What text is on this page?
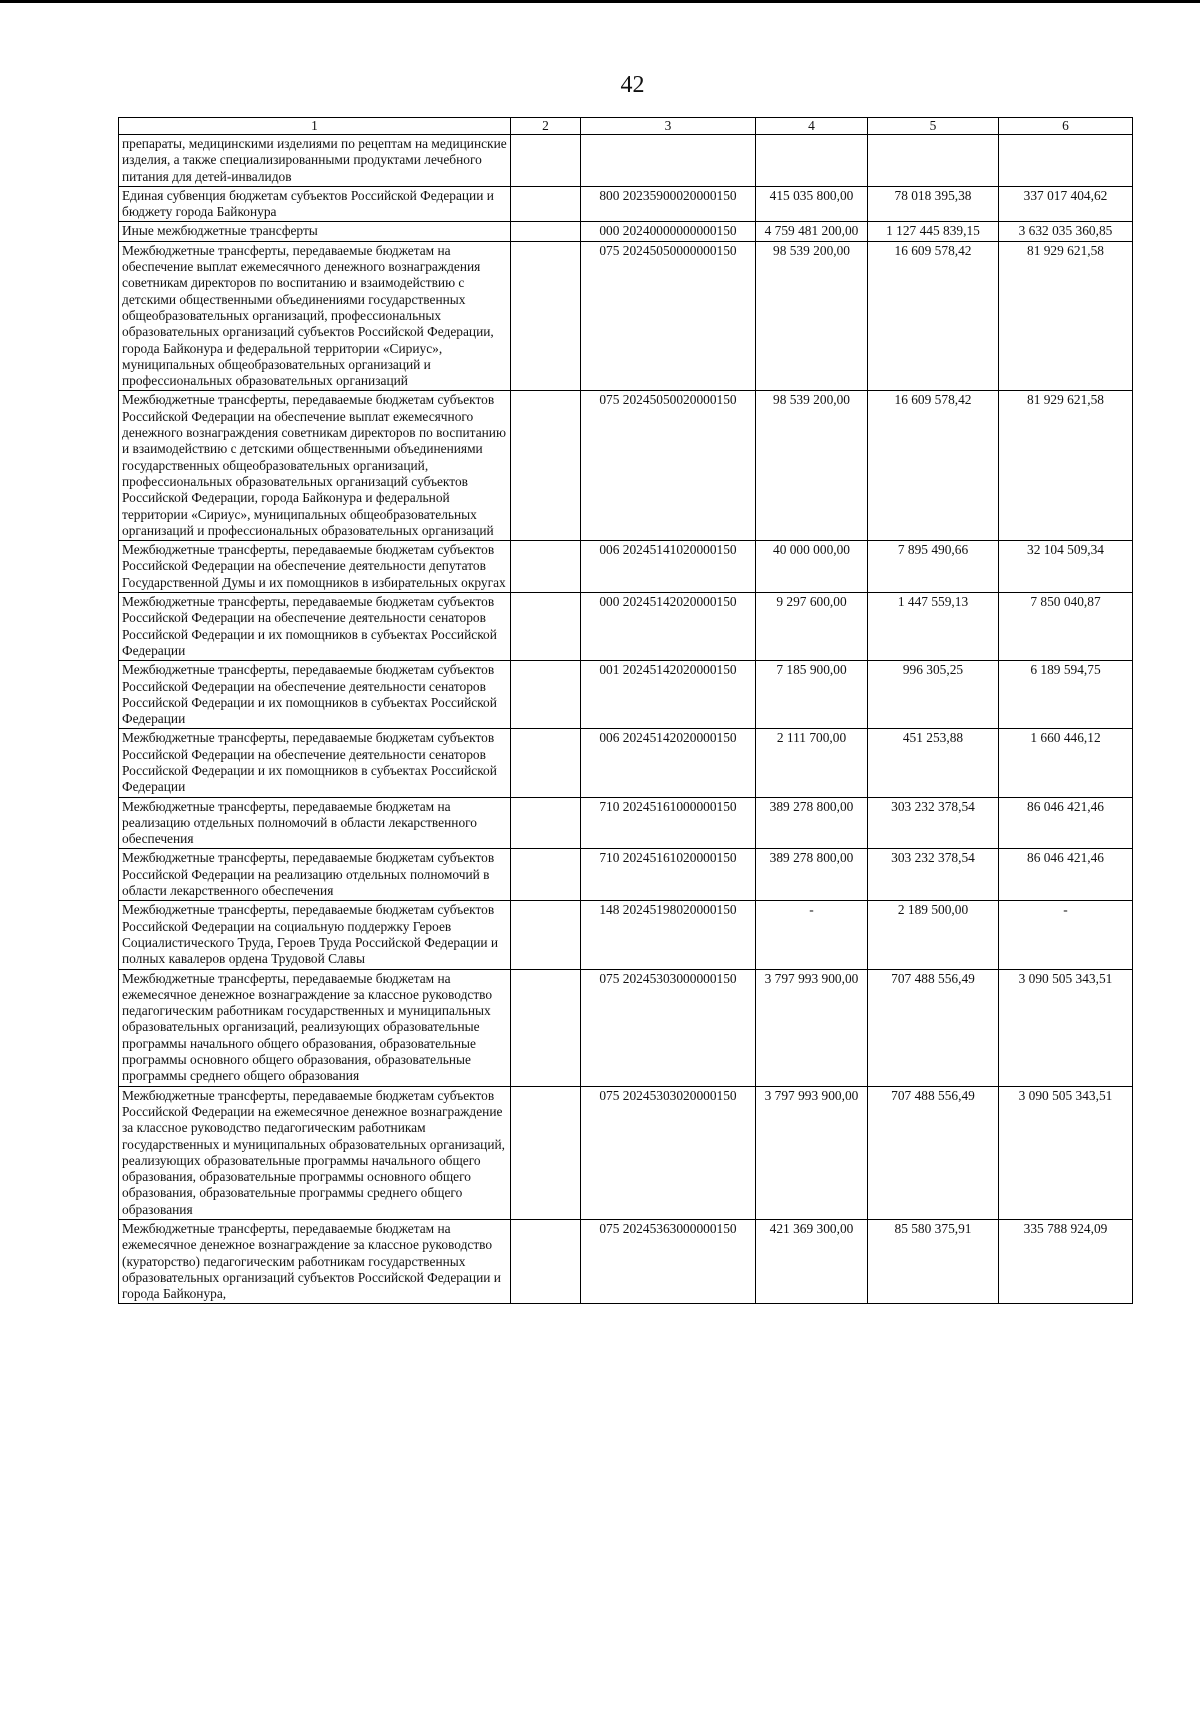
42
1	2	3	4	5	6
препараты, медицинскими изделиями по рецептам на медицинские изделия, а также специализированными продуктами лечебного питания для детей-инвалидов					
Единая субвенция бюджетам субъектов Российской Федерации и бюджету города Байконура		800 20235900020000150	415 035 800,00	78 018 395,38	337 017 404,62
Иные межбюджетные трансферты		000 20240000000000150	4 759 481 200,00	1 127 445 839,15	3 632 035 360,85
Межбюджетные трансферты, передаваемые бюджетам на обеспечение выплат ежемесячного денежного вознаграждения советникам директоров по воспитанию и взаимодействию с детскими общественными объединениями государственных общеобразовательных организаций, профессиональных образовательных организаций субъектов Российской Федерации, города Байконура и федеральной территории «Сириус», муниципальных общеобразовательных организаций и профессиональных образовательных организаций		075 20245050000000150	98 539 200,00	16 609 578,42	81 929 621,58
Межбюджетные трансферты, передаваемые бюджетам субъектов Российской Федерации на обеспечение выплат ежемесячного денежного вознаграждения советникам директоров по воспитанию и взаимодействию с детскими общественными объединениями государственных общеобразовательных организаций, профессиональных образовательных организаций субъектов Российской Федерации, города Байконура и федеральной территории «Сириус», муниципальных общеобразовательных организаций и профессиональных образовательных организаций		075 20245050020000150	98 539 200,00	16 609 578,42	81 929 621,58
Межбюджетные трансферты, передаваемые бюджетам субъектов Российской Федерации на обеспечение деятельности депутатов Государственной Думы и их помощников в избирательных округах		006 20245141020000150	40 000 000,00	7 895 490,66	32 104 509,34
Межбюджетные трансферты, передаваемые бюджетам субъектов Российской Федерации на обеспечение деятельности сенаторов Российской Федерации и их помощников в субъектах Российской Федерации		000 20245142020000150	9 297 600,00	1 447 559,13	7 850 040,87
Межбюджетные трансферты, передаваемые бюджетам субъектов Российской Федерации на обеспечение деятельности сенаторов Российской Федерации и их помощников в субъектах Российской Федерации		001 20245142020000150	7 185 900,00	996 305,25	6 189 594,75
Межбюджетные трансферты, передаваемые бюджетам субъектов Российской Федерации на обеспечение деятельности сенаторов Российской Федерации и их помощников в субъектах Российской Федерации		006 20245142020000150	2 111 700,00	451 253,88	1 660 446,12
Межбюджетные трансферты, передаваемые бюджетам на реализацию отдельных полномочий в области лекарственного обеспечения		710 20245161000000150	389 278 800,00	303 232 378,54	86 046 421,46
Межбюджетные трансферты, передаваемые бюджетам субъектов Российской Федерации на реализацию отдельных полномочий в области лекарственного обеспечения		710 20245161020000150	389 278 800,00	303 232 378,54	86 046 421,46
Межбюджетные трансферты, передаваемые бюджетам субъектов Российской Федерации на социальную поддержку Героев Социалистического Труда, Героев Труда Российской Федерации и полных кавалеров ордена Трудовой Славы		148 20245198020000150	-	2 189 500,00	-
Межбюджетные трансферты, передаваемые бюджетам на ежемесячное денежное вознаграждение за классное руководство педагогическим работникам государственных и муниципальных образовательных организаций, реализующих образовательные программы начального общего образования, образовательные программы основного общего образования, образовательные программы среднего общего образования		075 20245303000000150	3 797 993 900,00	707 488 556,49	3 090 505 343,51
Межбюджетные трансферты, передаваемые бюджетам субъектов Российской Федерации на ежемесячное денежное вознаграждение за классное руководство педагогическим работникам государственных и муниципальных образовательных организаций, реализующих образовательные программы начального общего образования, образовательные программы основного общего образования, образовательные программы среднего общего образования		075 20245303020000150	3 797 993 900,00	707 488 556,49	3 090 505 343,51
Межбюджетные трансферты, передаваемые бюджетам на ежемесячное денежное вознаграждение за классное руководство (кураторство) педагогическим работникам государственных образовательных организаций субъектов Российской Федерации и города Байконура,		075 20245363000000150	421 369 300,00	85 580 375,91	335 788 924,09
